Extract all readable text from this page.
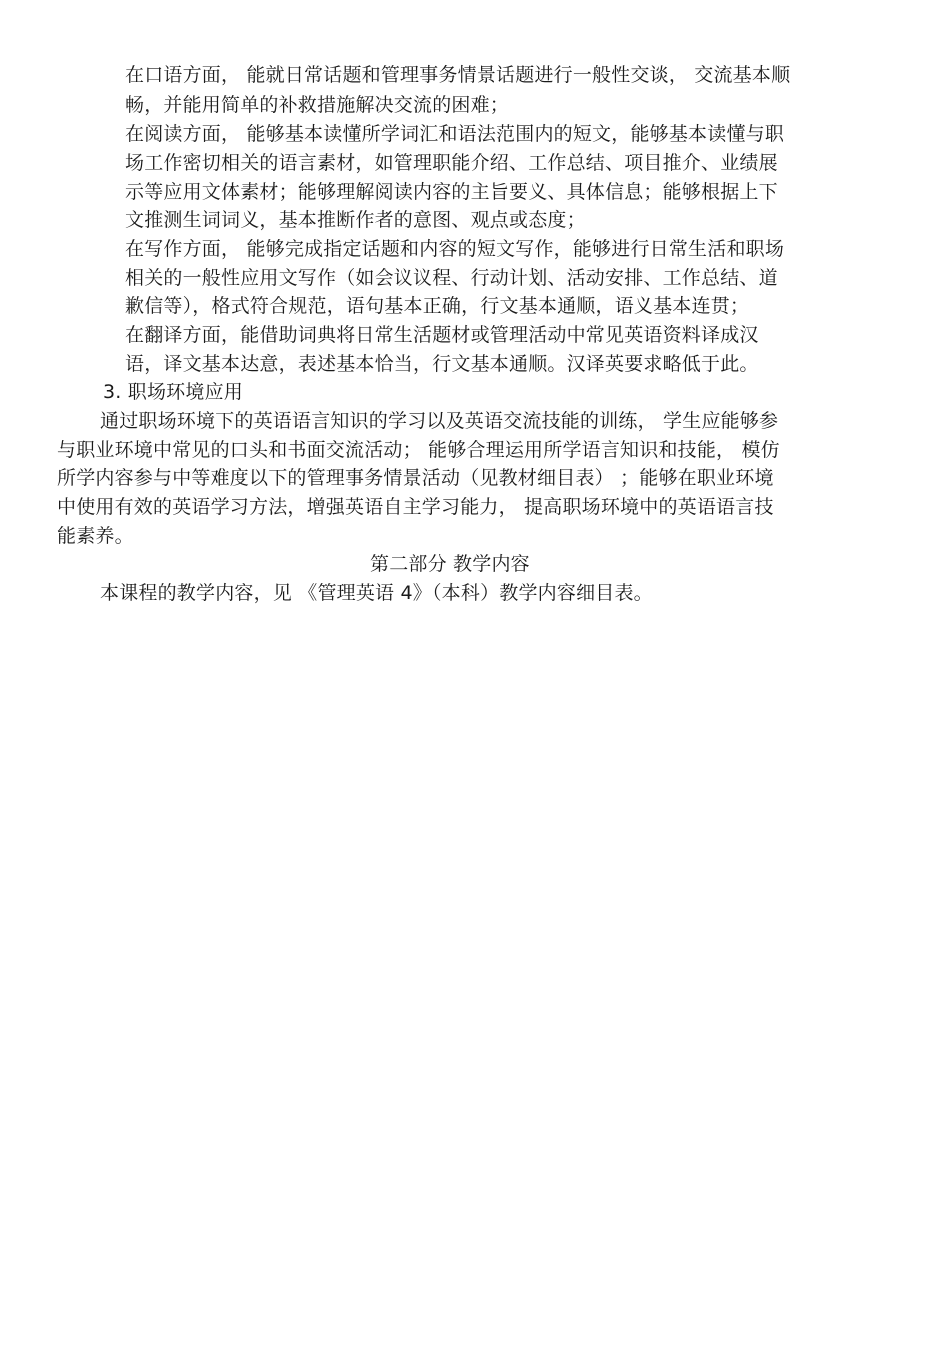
在口语方面， 能就日常话题和管理事务情景话题进行一般性交谈， 交流基本顺
畅，并能用简单的补救措施解决交流的困难；
在阅读方面， 能够基本读懂所学词汇和语法范围内的短文，能够基本读懂与职
场工作密切相关的语言素材，如管理职能介绍、工作总结、项目推介、业绩展
示等应用文体素材；能够理解阅读内容的主旨要义、具体信息；能够根据上下
文推测生词词义，基本推断作者的意图、观点或态度；
在写作方面， 能够完成指定话题和内容的短文写作，能够进行日常生活和职场
相关的一般性应用文写作（如会议议程、行动计划、活动安排、工作总结、道
歉信等），格式符合规范，语句基本正确，行文基本通顺，语义基本连贯；
在翻译方面，能借助词典将日常生活题材或管理活动中常见英语资料译成汉
语，译文基本达意，表述基本恰当，行文基本通顺。汉译英要求略低于此。
3. 职场环境应用
通过职场环境下的英语语言知识的学习以及英语交流技能的训练， 学生应能够参
与职业环境中常见的口头和书面交流活动； 能够合理运用所学语言知识和技能， 模仿
所学内容参与中等难度以下的管理事务情景活动（见教材细目表） ；能够在职业环境
中使用有效的英语学习方法，增强英语自主学习能力， 提高职场环境中的英语语言技
能素养。
第二部分 教学内容
本课程的教学内容，见 《管理英语 4》（本科）教学内容细目表。
